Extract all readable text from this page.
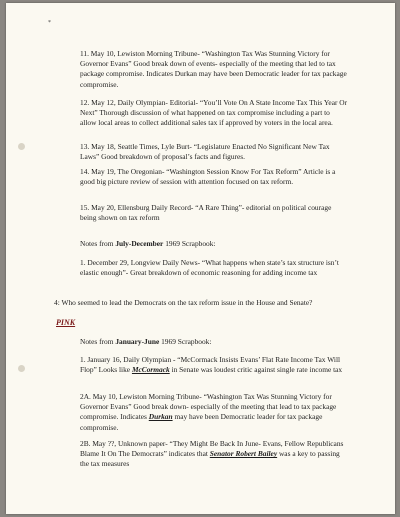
*

11. May 10, Lewiston Morning Tribune- “Washington Tax Was Stunning Victory for Governor Evans” Good break down of events- especially of the meeting that led to tax package compromise. Indicates Durkan may have been Democratic leader for tax package compromise.

12. May 12, Daily Olympian- Editorial- “You’ll Vote On A State Income Tax This Year Or Next” Thorough discussion of what happened on tax compromise including a part to allow local areas to collect additional sales tax if approved by voters in the local area.

13. May 18, Seattle Times, Lyle Burt- “Legislature Enacted No Significant New Tax Laws” Good breakdown of proposal’s facts and figures.

14. May 19, The Oregonian- “Washington Session Know For Tax Reform” Article is a good big picture review of session with attention focused on tax reform.

15. May 20, Ellensburg Daily Record- “A Rare Thing”- editorial on political courage being shown on tax reform

Notes from July-December 1969 Scrapbook:

1. December 29, Longview Daily News- “What happens when state’s tax structure isn’t elastic enough”- Great breakdown of economic reasoning for adding income tax

4: Who seemed to lead the Democrats on the tax reform issue in the House and Senate?

PINK

Notes from January-June 1969 Scrapbook:

1. January 16, Daily Olympian - “McCormack Insists Evans’ Flat Rate Income Tax Will Flop” Looks like McCormack in Senate was loudest critic against single rate income tax

2A. May 10, Lewiston Morning Tribune- “Washington Tax Was Stunning Victory for Governor Evans” Good break down- especially of the meeting that lead to tax package compromise. Indicates Durkan may have been Democratic leader for tax package compromise.

2B. May ??, Unknown paper- “They Might Be Back In June- Evans, Fellow Republicans Blame It On The Democrats” indicates that Senator Robert Bailey was a key to passing the tax measures
